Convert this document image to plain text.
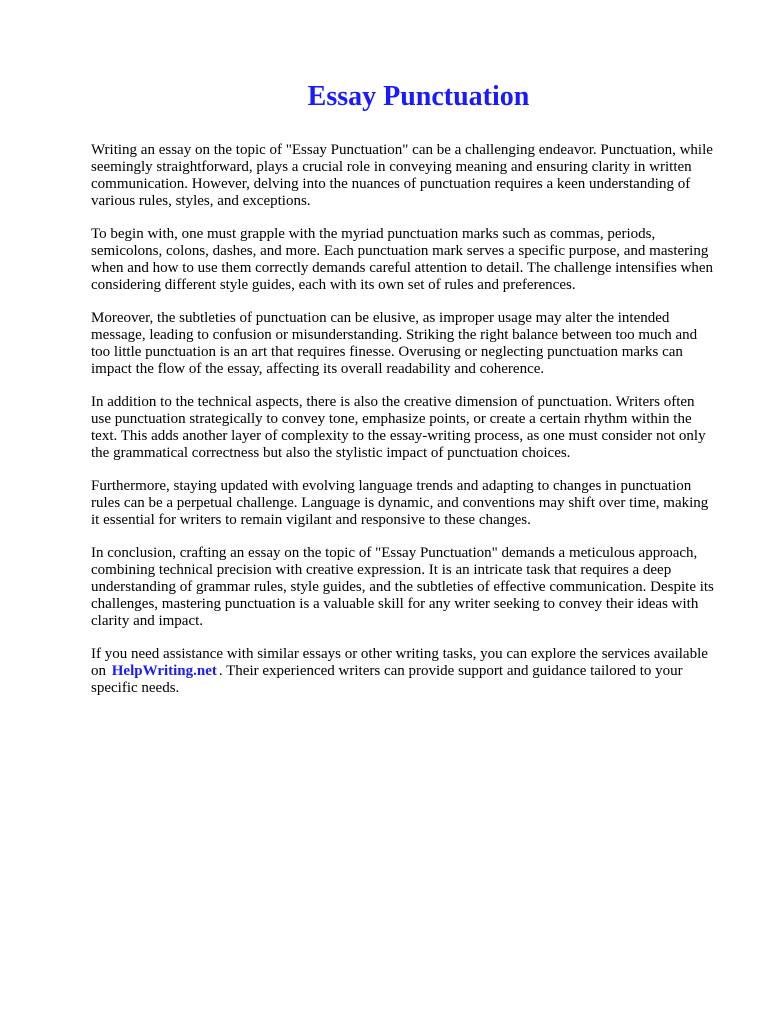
Essay Punctuation

Writing an essay on the topic of "Essay Punctuation" can be a challenging endeavor. Punctuation, while seemingly straightforward, plays a crucial role in conveying meaning and ensuring clarity in written communication. However, delving into the nuances of punctuation requires a keen understanding of various rules, styles, and exceptions.

To begin with, one must grapple with the myriad punctuation marks such as commas, periods, semicolons, colons, dashes, and more. Each punctuation mark serves a specific purpose, and mastering when and how to use them correctly demands careful attention to detail. The challenge intensifies when considering different style guides, each with its own set of rules and preferences.

Moreover, the subtleties of punctuation can be elusive, as improper usage may alter the intended message, leading to confusion or misunderstanding. Striking the right balance between too much and too little punctuation is an art that requires finesse. Overusing or neglecting punctuation marks can impact the flow of the essay, affecting its overall readability and coherence.

In addition to the technical aspects, there is also the creative dimension of punctuation. Writers often use punctuation strategically to convey tone, emphasize points, or create a certain rhythm within the text. This adds another layer of complexity to the essay-writing process, as one must consider not only the grammatical correctness but also the stylistic impact of punctuation choices.

Furthermore, staying updated with evolving language trends and adapting to changes in punctuation rules can be a perpetual challenge. Language is dynamic, and conventions may shift over time, making it essential for writers to remain vigilant and responsive to these changes.

In conclusion, crafting an essay on the topic of "Essay Punctuation" demands a meticulous approach, combining technical precision with creative expression. It is an intricate task that requires a deep understanding of grammar rules, style guides, and the subtleties of effective communication. Despite its challenges, mastering punctuation is a valuable skill for any writer seeking to convey their ideas with clarity and impact.

If you need assistance with similar essays or other writing tasks, you can explore the services available on HelpWriting.net . Their experienced writers can provide support and guidance tailored to your specific needs.
